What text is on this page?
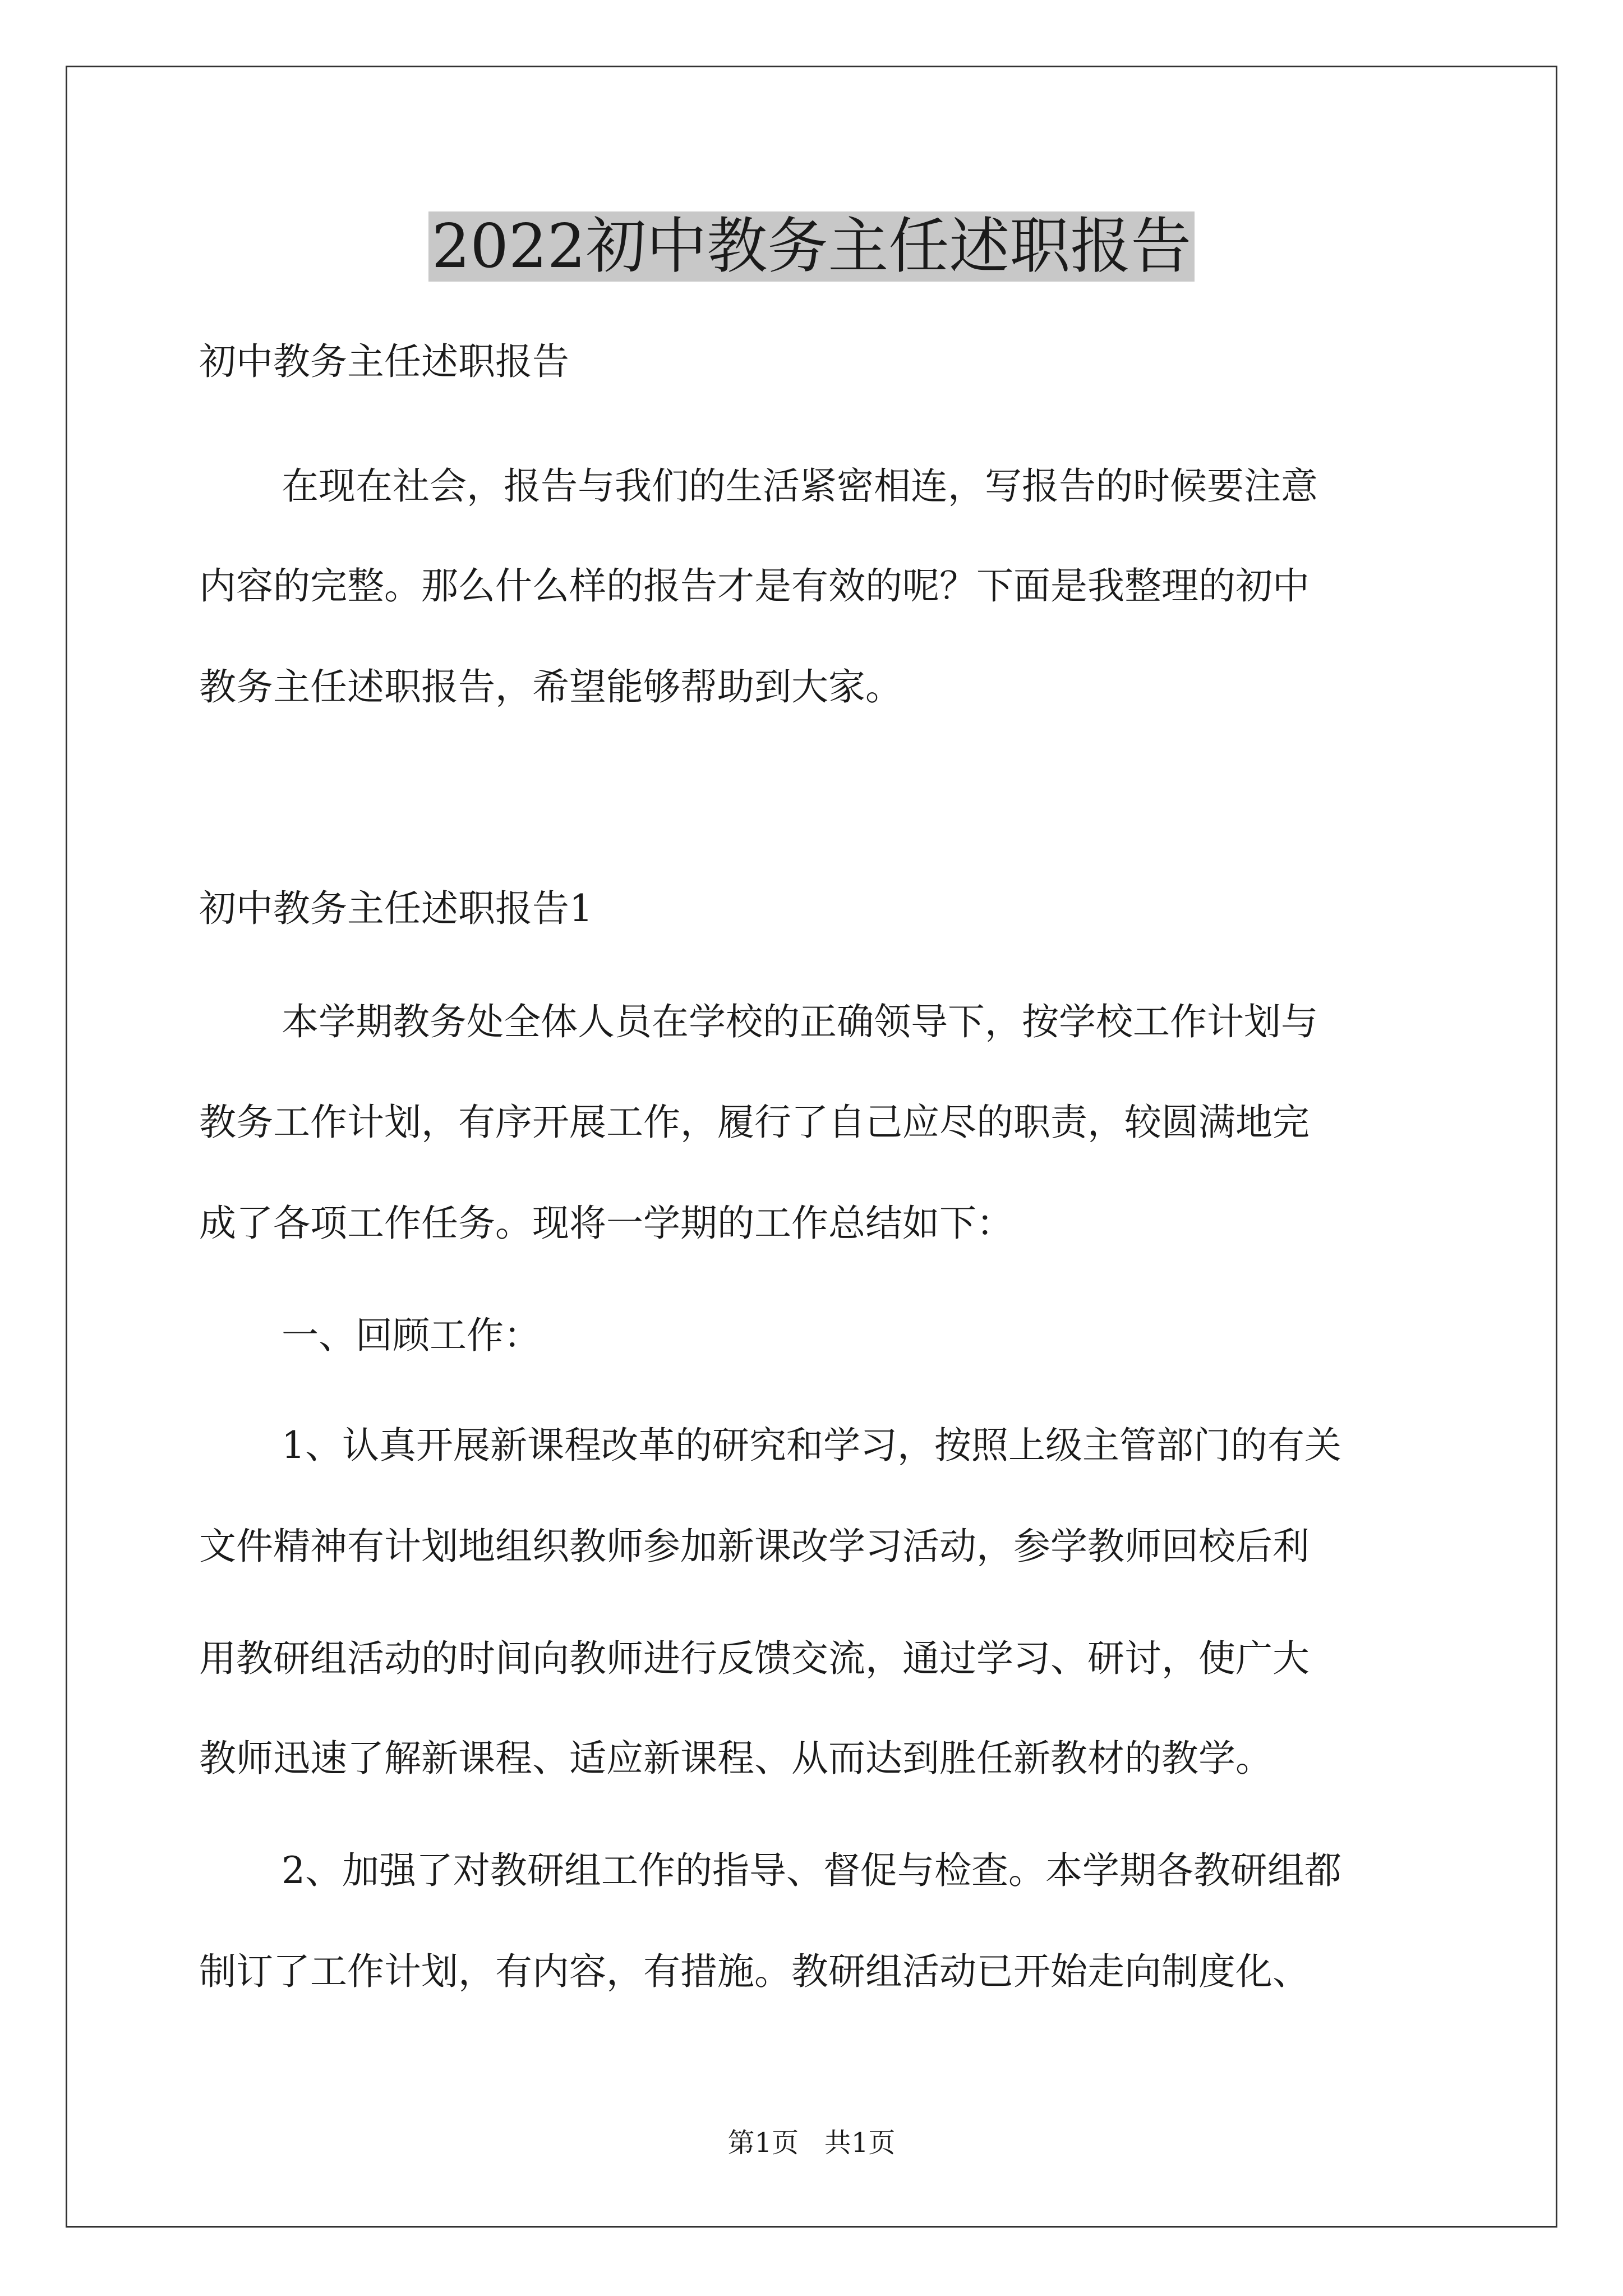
2022初中教务主任述职报告
初中教务主任述职报告
在现在社会，报告与我们的生活紧密相连，写报告的时候要注意
内容的完整。那么什么样的报告才是有效的呢？下面是我整理的初中
教务主任述职报告，希望能够帮助到大家。
初中教务主任述职报告1
本学期教务处全体人员在学校的正确领导下，按学校工作计划与
教务工作计划，有序开展工作，履行了自己应尽的职责，较圆满地完
成了各项工作任务。现将一学期的工作总结如下：
一、回顾工作：
1、认真开展新课程改革的研究和学习，按照上级主管部门的有关
文件精神有计划地组织教师参加新课改学习活动，参学教师回校后利
用教研组活动的时间向教师进行反馈交流，通过学习、研讨，使广大
教师迅速了解新课程、适应新课程、从而达到胜任新教材的教学。
2、加强了对教研组工作的指导、督促与检查。本学期各教研组都
制订了工作计划，有内容，有措施。教研组活动已开始走向制度化、
第1页   共1页
